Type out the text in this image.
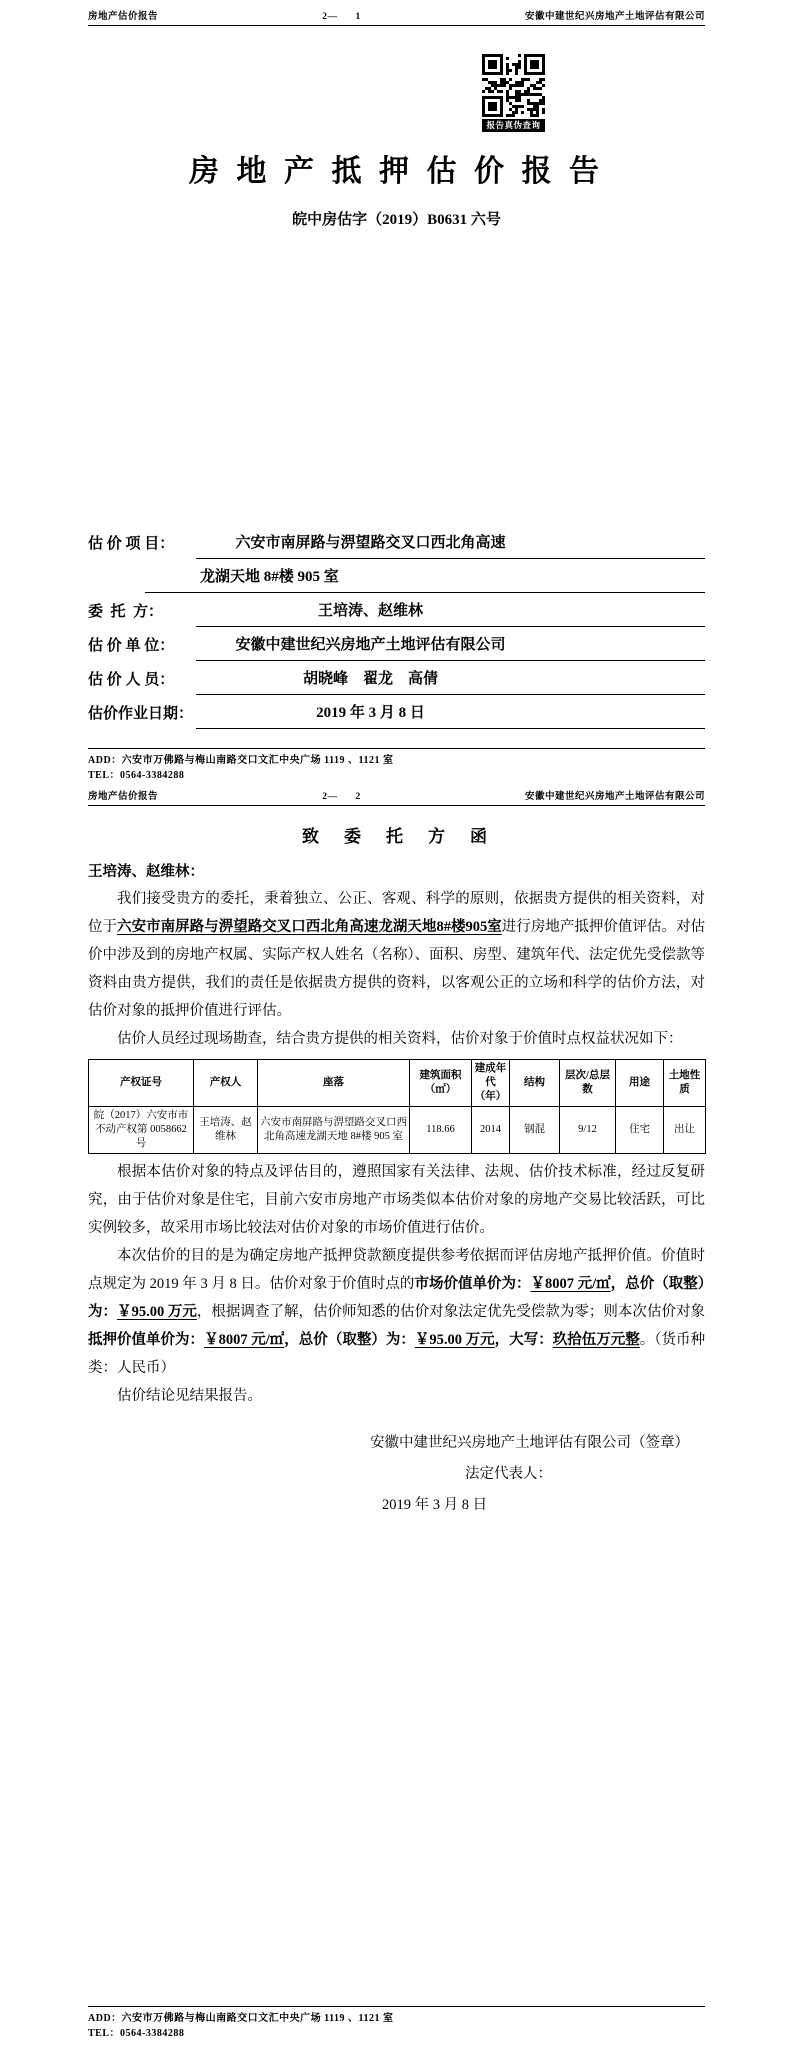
房地产估价报告	2— 1	安徽中建世纪兴房地产土地评估有限公司
报告真伪查询
房 地 产 抵 押 估 价 报 告
皖中房估字（2019）B0631 六号
估 价 项 目：	六安市南屏路与淠望路交叉口西北角高速
龙湖天地 8#楼 905 室
委  托  方：	王培涛、赵维林
估 价 单 位：	安徽中建世纪兴房地产土地评估有限公司
估 价 人 员：	胡晓峰　翟龙　高倩
估价作业日期：	2019 年 3 月 8 日
ADD：六安市万佛路与梅山南路交口文汇中央广场 1119 、1121 室
TEL：0564-3384288
房地产估价报告	2— 2	安徽中建世纪兴房地产土地评估有限公司
致　委　托　方　函
王培涛、赵维林：

我们接受贵方的委托，秉着独立、公正、客观、科学的原则，依据贵方提供的相关资料，对位于六安市南屏路与淠望路交叉口西北角高速龙湖天地8#楼905室进行房地产抵押价值评估。对估价中涉及到的房地产权属、实际产权人姓名（名称）、面积、房型、建筑年代、法定优先受偿款等资料由贵方提供，我们的责任是依据贵方提供的资料，以客观公正的立场和科学的估价方法，对估价对象的抵押价值进行评估。

估价人员经过现场勘查，结合贵方提供的相关资料，估价对象于价值时点权益状况如下：

产权证号	产权人	座落	建筑面积（㎡）	建成年代（年）	结构	层次/总层数	用途	土地性质
皖（2017）六安市市不动产权第 0058662 号	王培涛、赵维林	六安市南屏路与淠望路交叉口西北角高速龙湖天地 8#楼 905 室	118.66	2014	钢混	9/12	住宅	出让

根据本估价对象的特点及评估目的，遵照国家有关法律、法规、估价技术标准，经过反复研究，由于估价对象是住宅，目前六安市房地产市场类似本估价对象的房地产交易比较活跃，可比实例较多，故采用市场比较法对估价对象的市场价值进行估价。

本次估价的目的是为确定房地产抵押贷款额度提供参考依据而评估房地产抵押价值。价值时点规定为 2019 年 3 月 8 日。估价对象于价值时点的市场价值单价为：￥8007 元/㎡，总价（取整）为：￥95.00 万元，根据调查了解，估价师知悉的估价对象法定优先受偿款为零；则本次估价对象抵押价值单价为：￥8007 元/㎡，总价（取整）为：￥95.00 万元，大写：玖拾伍万元整。（货币种类：人民币）

估价结论见结果报告。

安徽中建世纪兴房地产土地评估有限公司（签章）
法定代表人：
2019 年 3 月 8 日
ADD：六安市万佛路与梅山南路交口文汇中央广场 1119 、1121 室
TEL：0564-3384288
